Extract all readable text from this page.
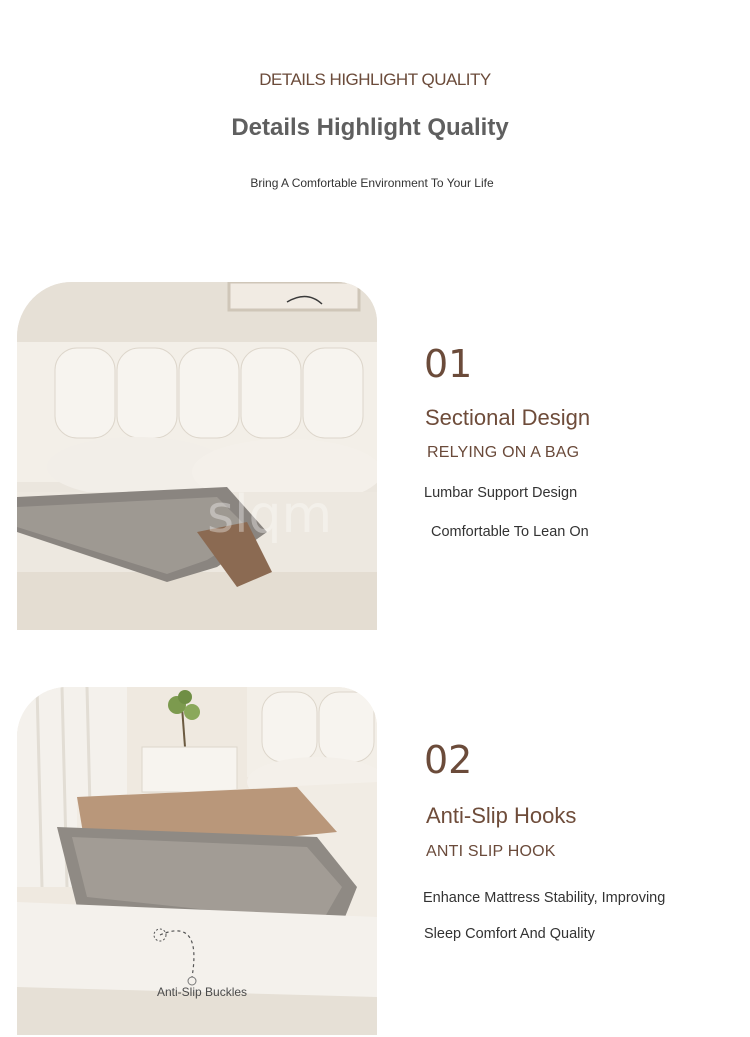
DETAILS HIGHLIGHT QUALITY
Details Highlight Quality
Bring A Comfortable Environment To Your Life
slqm
01
Sectional Design
RELYING ON A BAG
Lumbar Support Design
Comfortable To Lean On
Anti-Slip Buckles
02
Anti-Slip Hooks
ANTI SLIP HOOK
Enhance Mattress Stability, Improving
Sleep Comfort And Quality
